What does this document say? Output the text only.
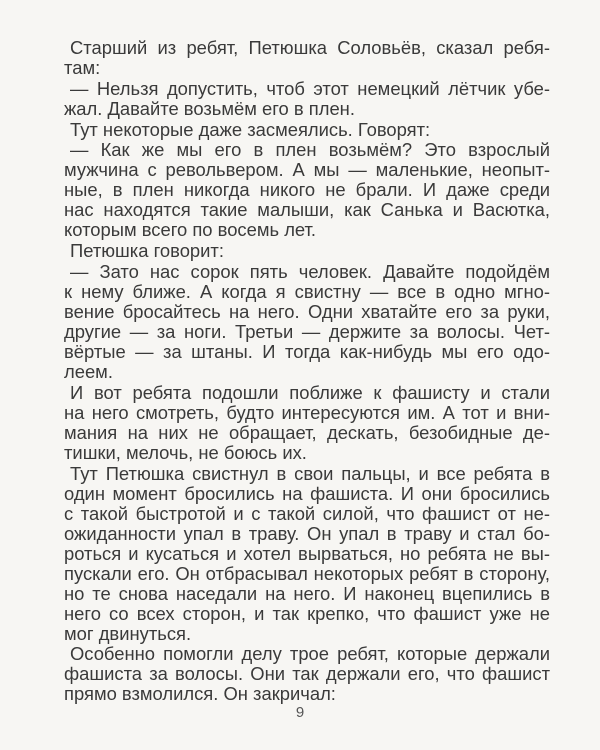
Старший из ребят, Петюшка Соловьёв, сказал ребя-
там:
— Нельзя допустить, чтоб этот немецкий лётчик убе-
жал. Давайте возьмём его в плен.
Тут некоторые даже засмеялись. Говорят:
— Как же мы его в плен возьмём? Это взрослый
мужчина с револьвером. А мы — маленькие, неопыт-
ные, в плен никогда никого не брали. И даже среди
нас находятся такие малыши, как Санька и Васютка,
которым всего по восемь лет.
Петюшка говорит:
— Зато нас сорок пять человек. Давайте подойдём
к нему ближе. А когда я свистну — все в одно мгно-
вение бросайтесь на него. Одни хватайте его за руки,
другие — за ноги. Третьи — держите за волосы. Чет-
вёртые — за штаны. И тогда как-нибудь мы его одо-
леем.
И вот ребята подошли поближе к фашисту и стали
на него смотреть, будто интересуются им. А тот и вни-
мания на них не обращает, дескать, безобидные де-
тишки, мелочь, не боюсь их.
Тут Петюшка свистнул в свои пальцы, и все ребята в
один момент бросились на фашиста. И они бросились
с такой быстротой и с такой силой, что фашист от не-
ожиданности упал в траву. Он упал в траву и стал бо-
роться и кусаться и хотел вырваться, но ребята не вы-
пускали его. Он отбрасывал некоторых ребят в сторону,
но те снова наседали на него. И наконец вцепились в
него со всех сторон, и так крепко, что фашист уже не
мог двинуться.
Особенно помогли делу трое ребят, которые держали
фашиста за волосы. Они так держали его, что фашист
прямо взмолился. Он закричал:
9
